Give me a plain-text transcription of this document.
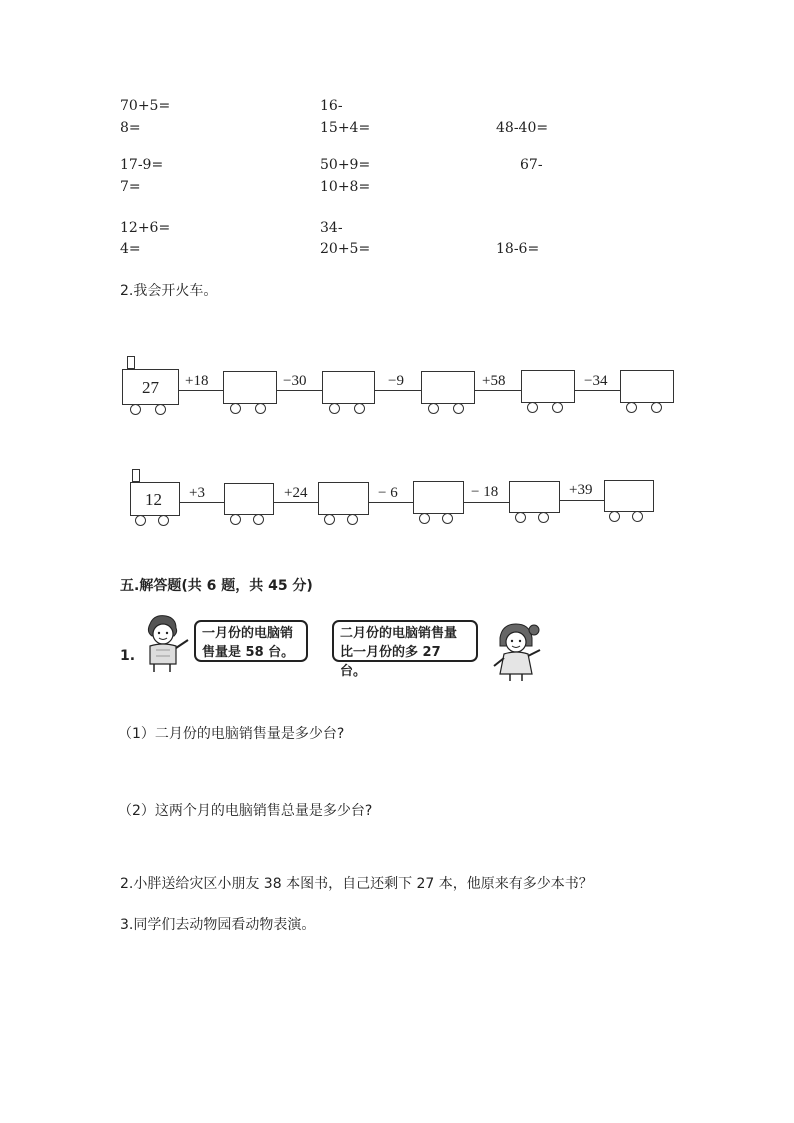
70+5=	16-
8=	15+4=	48-40=
17-9=	50+9=	67-
7=	10+8=
12+6=	34-
4=	20+5=	18-6=
2.我会开火车。
27 +18	−30	−9	+58	−34
12 +3	+24	− 6	− 18	+39
五.解答题(共 6 题，共 45 分)
1.
一月份的电脑销
售量是 58 台。
二月份的电脑销售量
比一月份的多 27 台。
（1）二月份的电脑销售量是多少台?
（2）这两个月的电脑销售总量是多少台?
2.小胖送给灾区小朋友 38 本图书，自己还剩下 27 本，他原来有多少本书？
3.同学们去动物园看动物表演。
